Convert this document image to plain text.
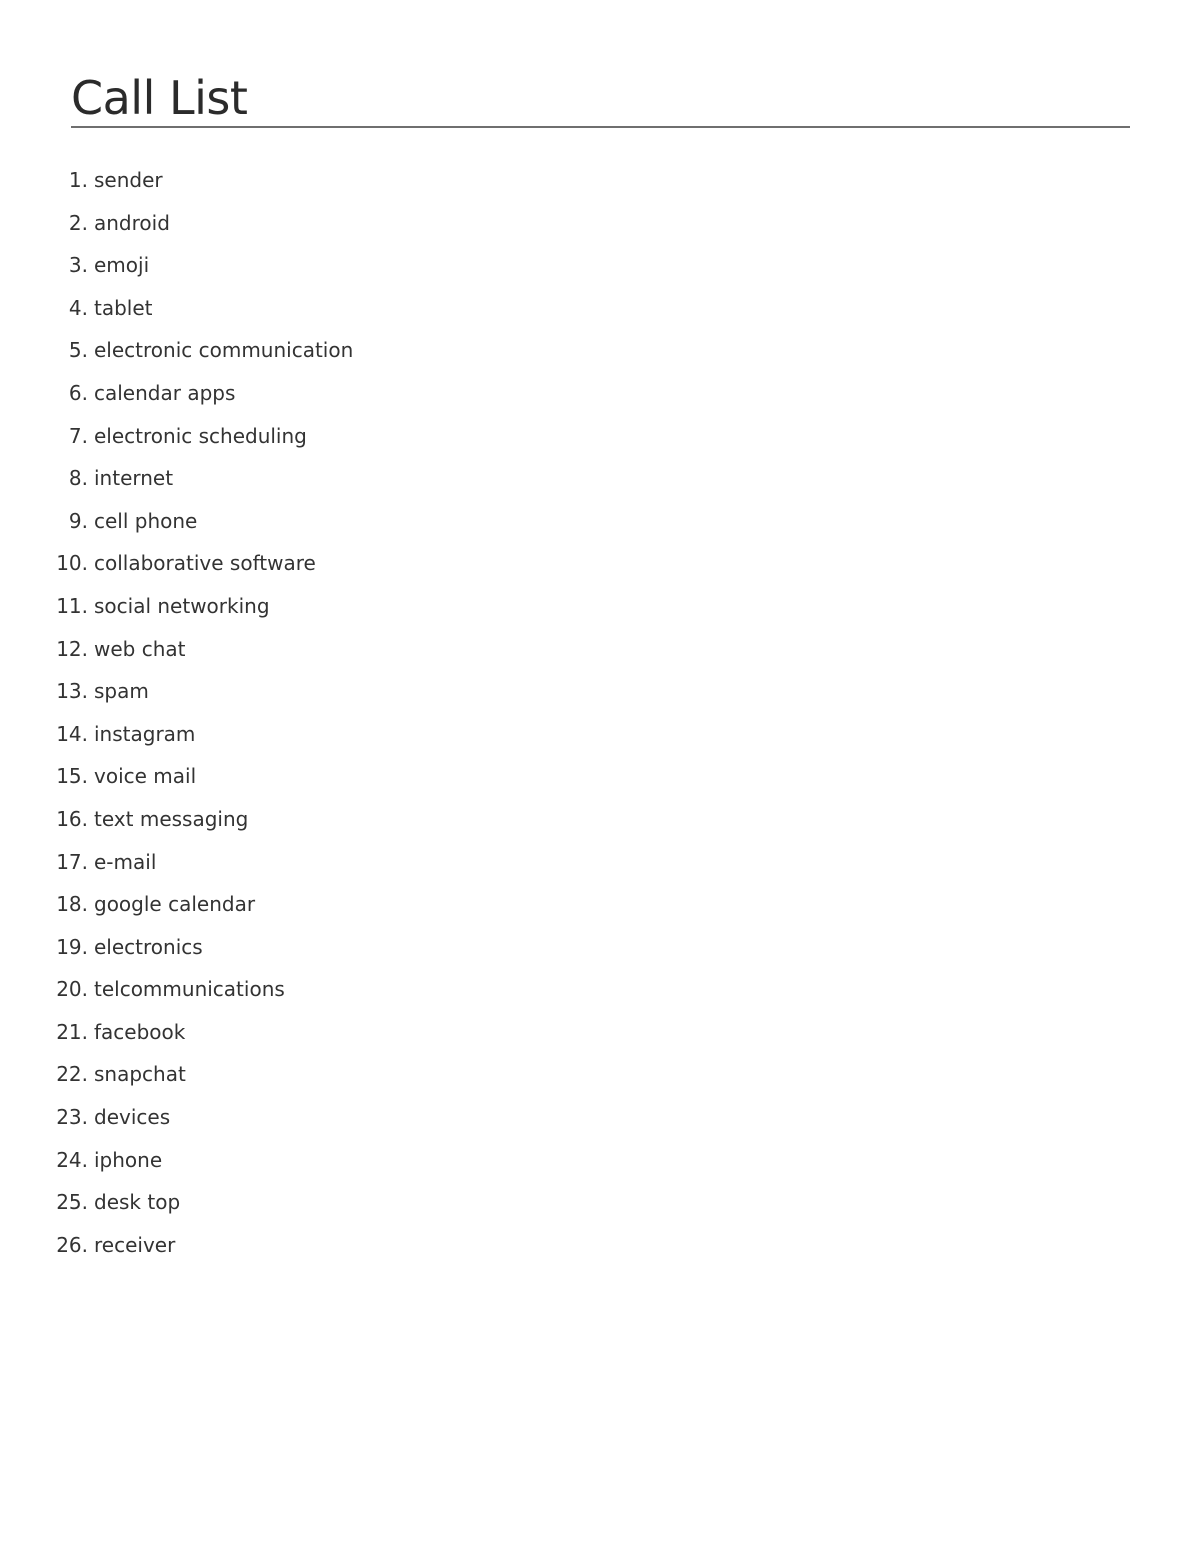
Call List
1. sender
2. android
3. emoji
4. tablet
5. electronic communication
6. calendar apps
7. electronic scheduling
8. internet
9. cell phone
10. collaborative software
11. social networking
12. web chat
13. spam
14. instagram
15. voice mail
16. text messaging
17. e-mail
18. google calendar
19. electronics
20. telcommunications
21. facebook
22. snapchat
23. devices
24. iphone
25. desk top
26. receiver
